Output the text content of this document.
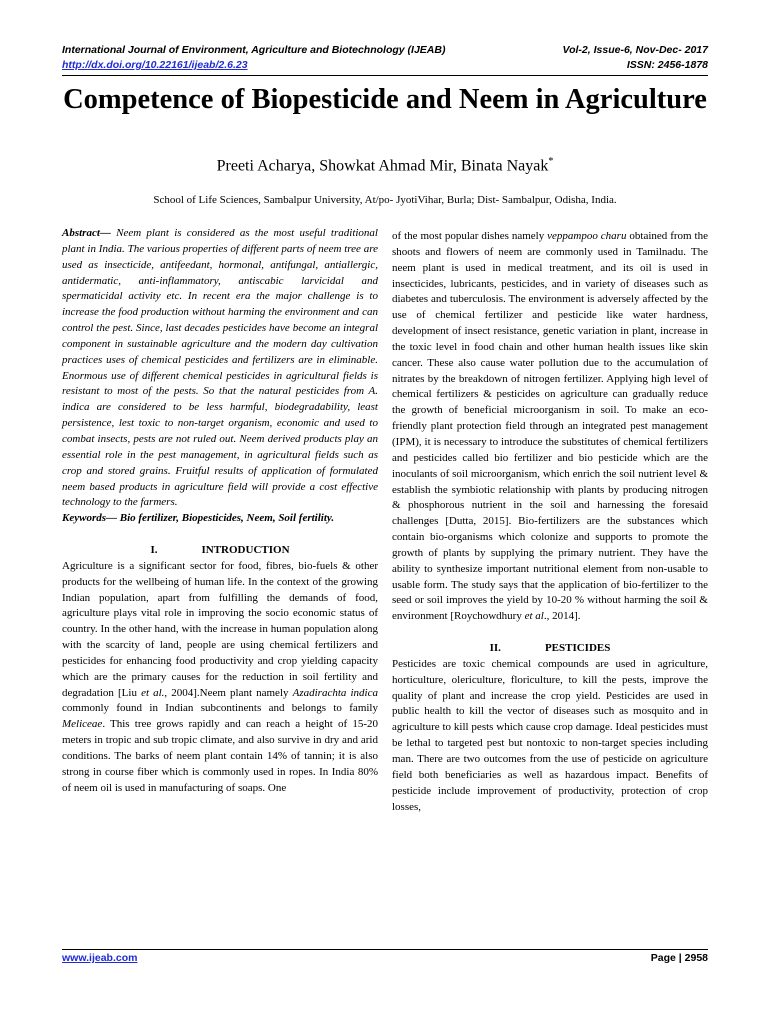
International Journal of Environment, Agriculture and Biotechnology (IJEAB)	Vol-2, Issue-6, Nov-Dec- 2017
http://dx.doi.org/10.22161/ijeab/2.6.23	ISSN: 2456-1878
Competence of Biopesticide and Neem in Agriculture
Preeti Acharya, Showkat Ahmad Mir, Binata Nayak*
School of Life Sciences, Sambalpur University, At/po- JyotiVihar, Burla; Dist- Sambalpur, Odisha, India.

Abstract— Neem plant is considered as the most useful traditional plant in India. The various properties of different parts of neem tree are used as insecticide, antifeedant, hormonal, antifungal, antiallergic, antidermatic, anti-inflammatory, antiscabic larvicidal and spermaticidal activity etc. In recent era the major challenge is to increase the food production without harming the environment and can control the pest. Since, last decades pesticides have become an integral component in sustainable agriculture and the modern day cultivation practices uses of chemical pesticides and fertilizers are in eliminable. Enormous use of different chemical pesticides in agricultural fields is resistant to most of the pests. So that the natural pesticides from A. indica are considered to be less harmful, biodegradability, least persistence, lest toxic to non-target organism, economic and used to combat insects, pests are not ruled out. Neem derived products play an essential role in the pest management, in agricultural fields such as crop and stored grains. Fruitful results of application of formulated neem based products in agriculture field will provide a cost effective technology to the farmers.

Keywords— Bio fertilizer, Biopesticides, Neem, Soil fertility.

I.	INTRODUCTION

Agriculture is a significant sector for food, fibres, bio-fuels & other products for the wellbeing of human life. In the context of the growing Indian population, apart from fulfilling the demands of food, agriculture plays vital role in improving the socio economic status of country. In the other hand, with the increase in human population along with the scarcity of land, people are using chemical fertilizers and pesticides for enhancing food productivity and crop yielding capacity which are the primary causes for the reduction in soil fertility and degradation [Liu et al., 2004].Neem plant namely Azadirachta indica commonly found in Indian subcontinents and belongs to family Meliceae. This tree grows rapidly and can reach a height of 15-20 meters in tropic and sub tropic climate, and also survive in dry and arid conditions. The barks of neem plant contain 14% of tannin; it is also strong in course fiber which is commonly used in ropes. In India 80% of neem oil is used in manufacturing of soaps. One

of the most popular dishes namely veppampoo charu obtained from the shoots and flowers of neem are commonly used in Tamilnadu. The neem plant is used in medical treatment, and its oil is used in insecticides, lubricants, pesticides, and in variety of diseases such as diabetes and tuberculosis. The environment is adversely affected by the use of chemical fertilizer and pesticide like water hardness, development of insect resistance, genetic variation in plant, increase in the toxic level in food chain and other human health issues like skin cancer. These also cause water pollution due to the accumulation of nitrates by the breakdown of nitrogen fertilizer. Applying high level of chemical fertilizers & pesticides on agriculture can gradually reduce the growth of beneficial microorganism in soil. To make an eco-friendly plant protection field through an integrated pest management (IPM), it is necessary to introduce the substitutes of chemical fertilizers and pesticides called bio fertilizer and bio pesticide which are the inoculants of soil microorganism, which enrich the soil nutrient level & establish the symbiotic relationship with plants by producing nitrogen & phosphorous nutrient in the soil and harnessing the foresaid challenges [Dutta, 2015]. Bio-fertilizers are the substances which contain bio-organisms which colonize and supports to promote the growth of plants by supplying the primary nutrient. They have the ability to synthesize important nutritional element from non-usable to usable form. The study says that the application of bio-fertilizer to the seed or soil improves the yield by 10-20 % without harming the soil & environment [Roychowdhury et al., 2014].

II.	PESTICIDES

Pesticides are toxic chemical compounds are used in agriculture, horticulture, olericulture, floriculture, to kill the pests, improve the quality of plant and increase the crop yield. Pesticides are used in public health to kill the vector of diseases such as mosquito and in agriculture to kill pests which cause crop damage. Ideal pesticides must be lethal to targeted pest but nontoxic to non-target species including man. There are two outcomes from the use of pesticide on agriculture field both beneficiaries as well as hazardous impact. Benefits of pesticide include improvement of productivity, protection of crop losses,

www.ijeab.com	Page | 2958
